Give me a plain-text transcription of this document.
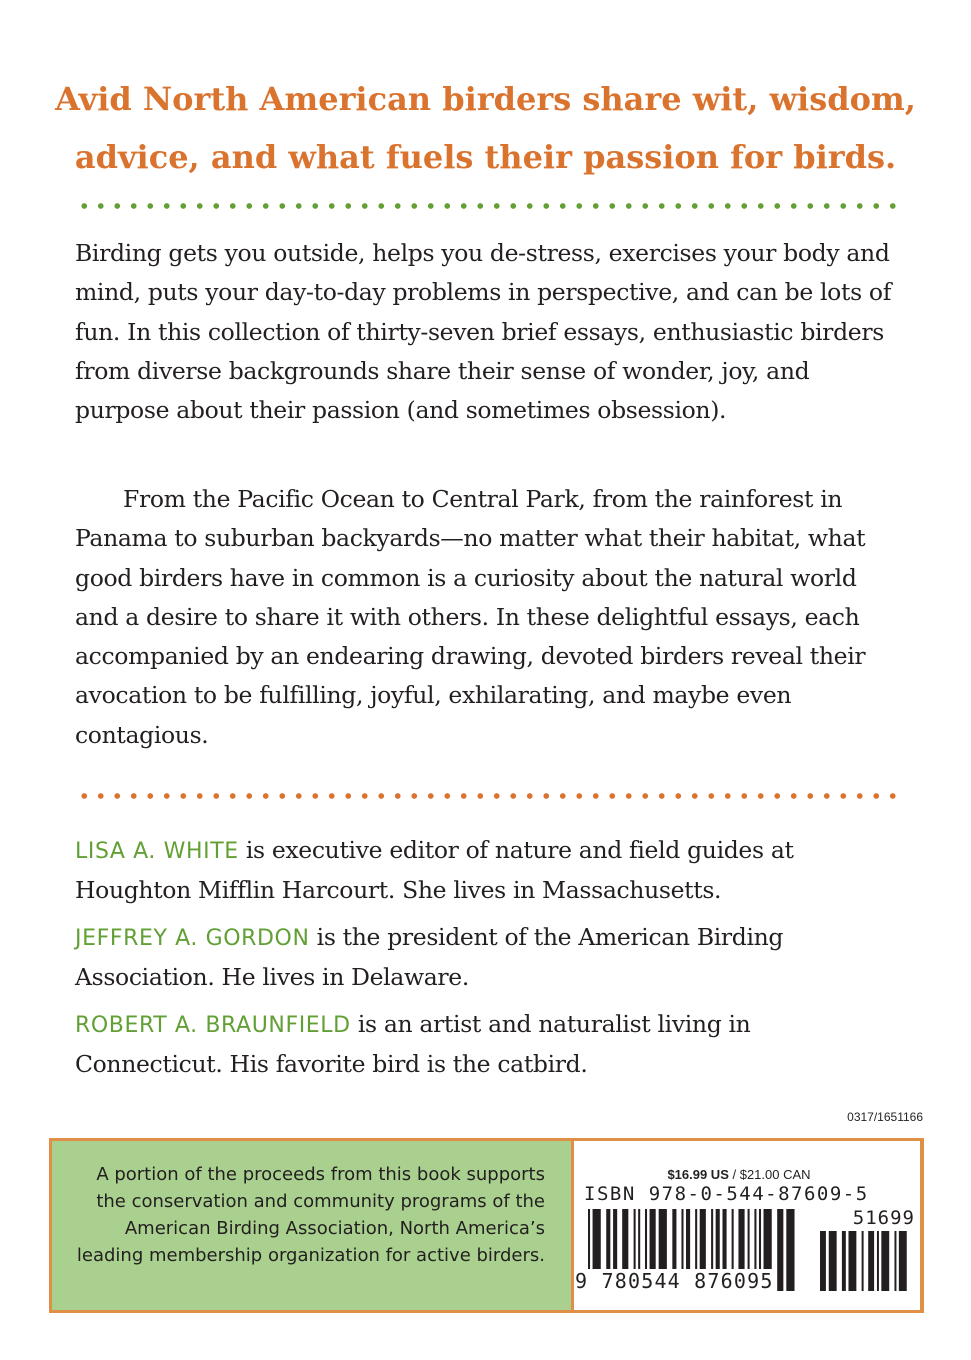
Avid North American birders share wit, wisdom, advice, and what fuels their passion for birds.

Birding gets you outside, helps you de-stress, exercises your body and mind, puts your day-to-day problems in perspective, and can be lots of fun. In this collection of thirty-seven brief essays, enthusiastic birders from diverse backgrounds share their sense of wonder, joy, and purpose about their passion (and sometimes obsession).

From the Pacific Ocean to Central Park, from the rainforest in Panama to suburban backyards—no matter what their habitat, what good birders have in common is a curiosity about the natural world and a desire to share it with others. In these delightful essays, each accompanied by an endearing drawing, devoted birders reveal their avocation to be fulfilling, joyful, exhilarating, and maybe even contagious.

LISA A. WHITE is executive editor of nature and field guides at Houghton Mifflin Harcourt. She lives in Massachusetts.

JEFFREY A. GORDON is the president of the American Birding Association. He lives in Delaware.

ROBERT A. BRAUNFIELD is an artist and naturalist living in Connecticut. His favorite bird is the catbird.

0317/1651166

A portion of the proceeds from this book supports the conservation and community programs of the American Birding Association, North America’s leading membership organization for active birders.

$16.99 US / $21.00 CAN
ISBN 978-0-544-87609-5
51699
9 780544 876095
